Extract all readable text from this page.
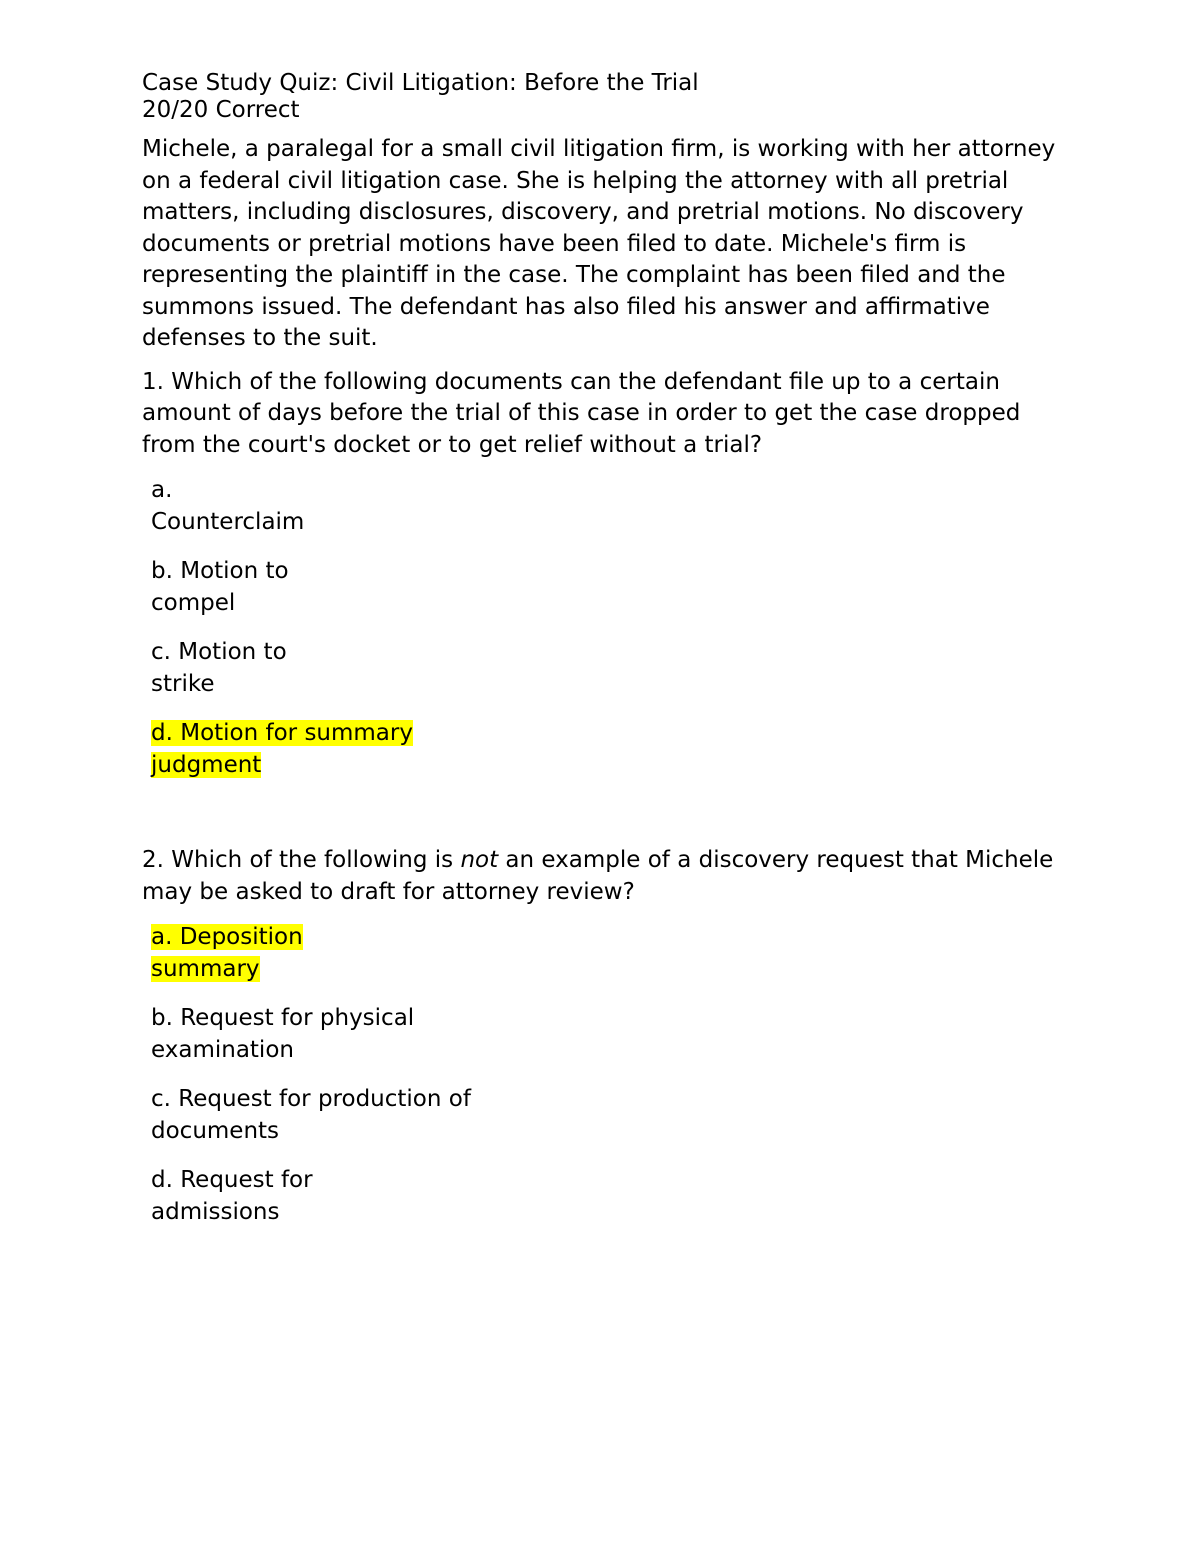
Case Study Quiz: Civil Litigation: Before the Trial

20/20 Correct

Michele, a paralegal for a small civil litigation firm, is working with her attorney on a federal civil litigation case. She is helping the attorney with all pretrial matters, including disclosures, discovery, and pretrial motions. No discovery documents or pretrial motions have been filed to date. Michele's firm is representing the plaintiff in the case. The complaint has been filed and the summons issued. The defendant has also filed his answer and affirmative defenses to the suit.

1. Which of the following documents can the defendant file up to a certain amount of days before the trial of this case in order to get the case dropped from the court's docket or to get relief without a trial?

a.
Counterclaim
b. Motion to
compel
c. Motion to
strike
d. Motion for summary
judgment

2. Which of the following is not an example of a discovery request that Michele may be asked to draft for attorney review?

a. Deposition
summary
b. Request for physical
examination
c. Request for production of
documents
d. Request for
admissions
